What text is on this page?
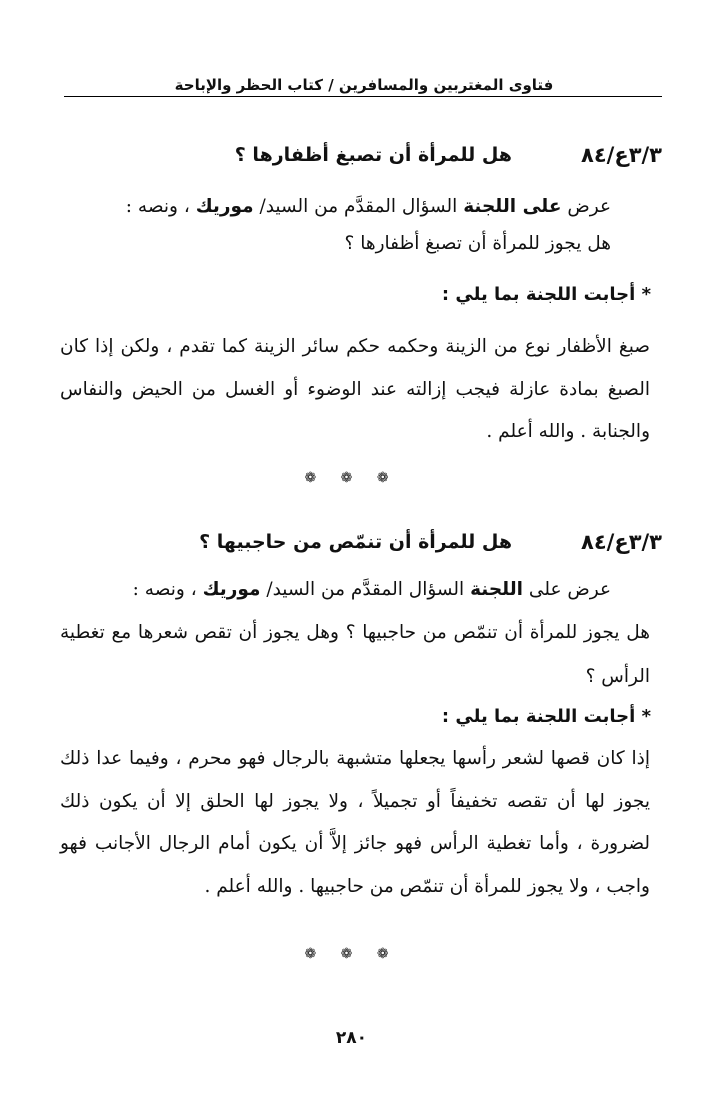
فتاوى المغتربين والمسافرين / كتاب الحظر والإباحة
٣/٣ع/٨٤
هل للمرأة أن تصبغ أظفارها ؟
عرض على اللجنة السؤال المقدَّم من السيد/ موريك ، ونصه :
هل يجوز للمرأة أن تصبغ أظفارها ؟
* أجابت اللجنة بما يلي :
صبغ الأظفار نوع من الزينة وحكمه حكم سائر الزينة كما تقدم ، ولكن إذا كان الصبغ بمادة عازلة فيجب إزالته عند الوضوء أو الغسل من الحيض والنفاس والجنابة . والله أعلم .
❁ ❁ ❁
٣/٣ع/٨٤
هل للمرأة أن تنمّص من حاجبيها ؟
عرض على اللجنة السؤال المقدَّم من السيد/ موريك ، ونصه :
هل يجوز للمرأة أن تنمّص من حاجبيها ؟ وهل يجوز أن تقص شعرها مع تغطية الرأس ؟
* أجابت اللجنة بما يلي :
إذا كان قصها لشعر رأسها يجعلها متشبهة بالرجال فهو محرم ، وفيما عدا ذلك يجوز لها أن تقصه تخفيفاً أو تجميلاً ، ولا يجوز لها الحلق إلا أن يكون ذلك لضرورة ، وأما تغطية الرأس فهو جائز إلاَّ أن يكون أمام الرجال الأجانب فهو واجب ، ولا يجوز للمرأة أن تنمّص من حاجبيها . والله أعلم .
❁ ❁ ❁
٢٨٠
